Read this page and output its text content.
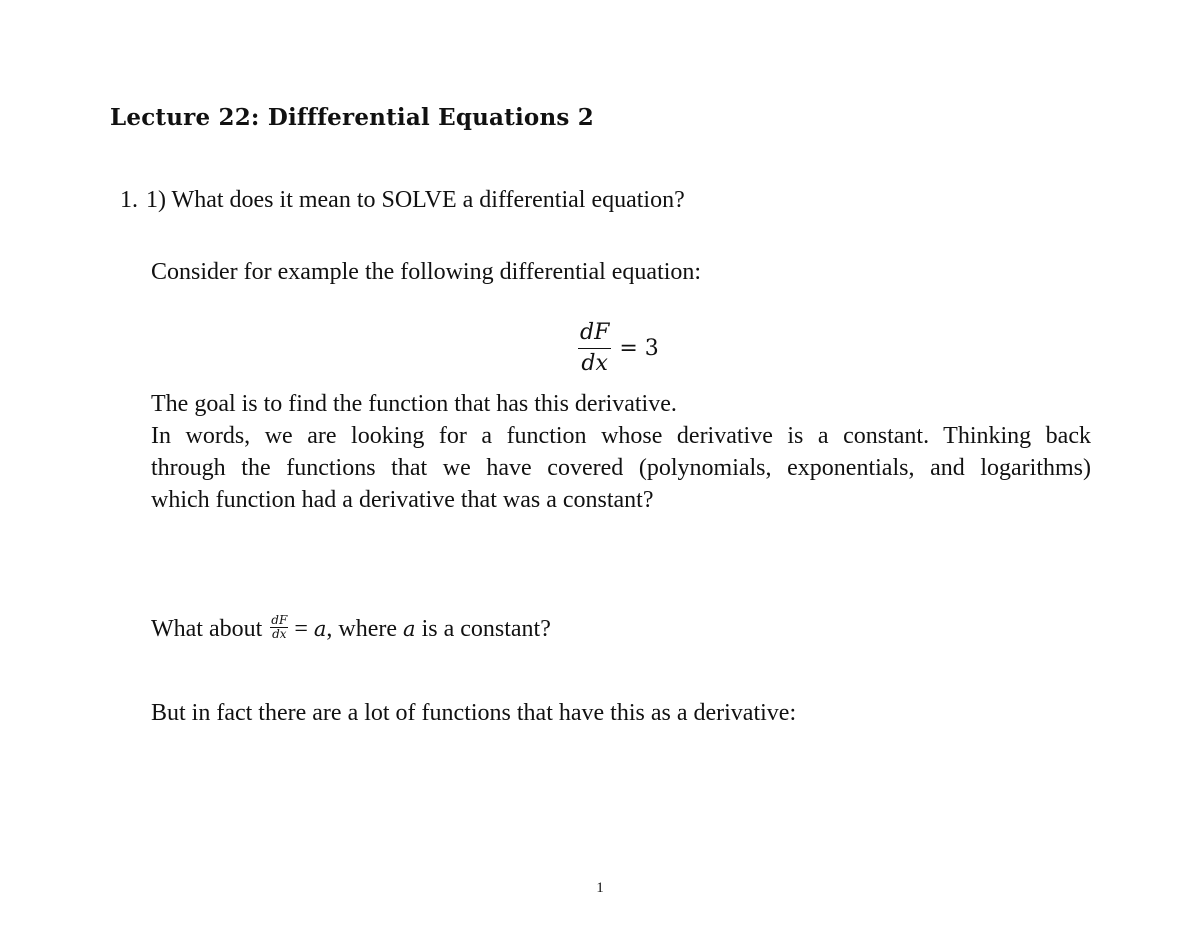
Lecture 22: Diffferential Equations 2
1. 1) What does it mean to SOLVE a differential equation?
Consider for example the following differential equation:
$\frac{dF}{dx} = 3$
The goal is to find the function that has this derivative.
In words, we are looking for a function whose derivative is a constant. Thinking back
through the functions that we have covered (polynomials, exponentials, and logarithms)
which function had a derivative that was a constant?
What about $\frac{dF}{dx}$ =
a , where
a
is a constant?
But in fact there are a lot of functions that have this as a derivative:
1
